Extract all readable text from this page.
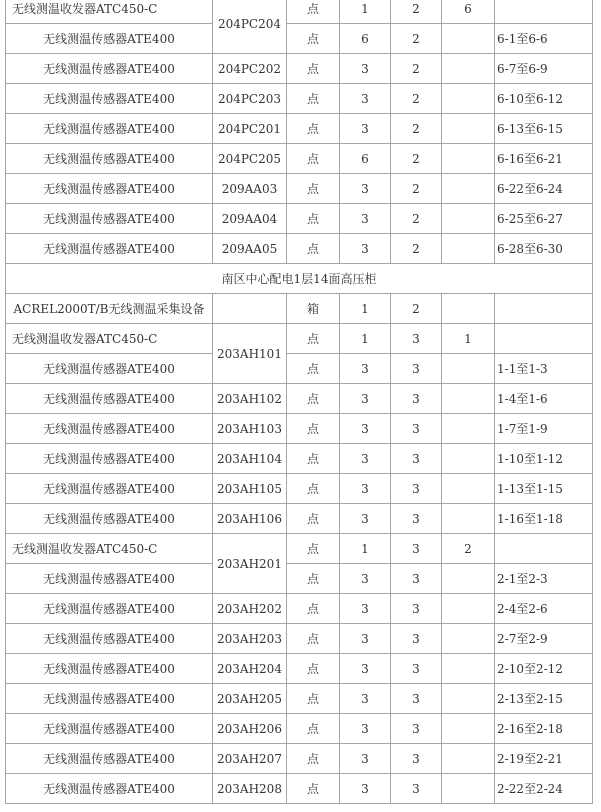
无线测温收发器ATC450-C	204PC204	点	1	2	6	
无线测温传感器ATE400		点	6	2		6-1至6-6
无线测温传感器ATE400	204PC202	点	3	2		6-7至6-9
无线测温传感器ATE400	204PC203	点	3	2		6-10至6-12
无线测温传感器ATE400	204PC201	点	3	2		6-13至6-15
无线测温传感器ATE400	204PC205	点	6	2		6-16至6-21
无线测温传感器ATE400	209AA03	点	3	2		6-22至6-24
无线测温传感器ATE400	209AA04	点	3	2		6-25至6-27
无线测温传感器ATE400	209AA05	点	3	2		6-28至6-30
南区中心配电1层14面高压柜						
ACREL2000T/B无线测温采集设备		箱	1	2		
无线测温收发器ATC450-C	203AH101	点	1	3	1	
无线测温传感器ATE400		点	3	3		1-1至1-3
无线测温传感器ATE400	203AH102	点	3	3		1-4至1-6
无线测温传感器ATE400	203AH103	点	3	3		1-7至1-9
无线测温传感器ATE400	203AH104	点	3	3		1-10至1-12
无线测温传感器ATE400	203AH105	点	3	3		1-13至1-15
无线测温传感器ATE400	203AH106	点	3	3		1-16至1-18
无线测温收发器ATC450-C	203AH201	点	1	3	2	
无线测温传感器ATE400		点	3	3		2-1至2-3
无线测温传感器ATE400	203AH202	点	3	3		2-4至2-6
无线测温传感器ATE400	203AH203	点	3	3		2-7至2-9
无线测温传感器ATE400	203AH204	点	3	3		2-10至2-12
无线测温传感器ATE400	203AH205	点	3	3		2-13至2-15
无线测温传感器ATE400	203AH206	点	3	3		2-16至2-18
无线测温传感器ATE400	203AH207	点	3	3		2-19至2-21
无线测温传感器ATE400	203AH208	点	3	3		2-22至2-24
